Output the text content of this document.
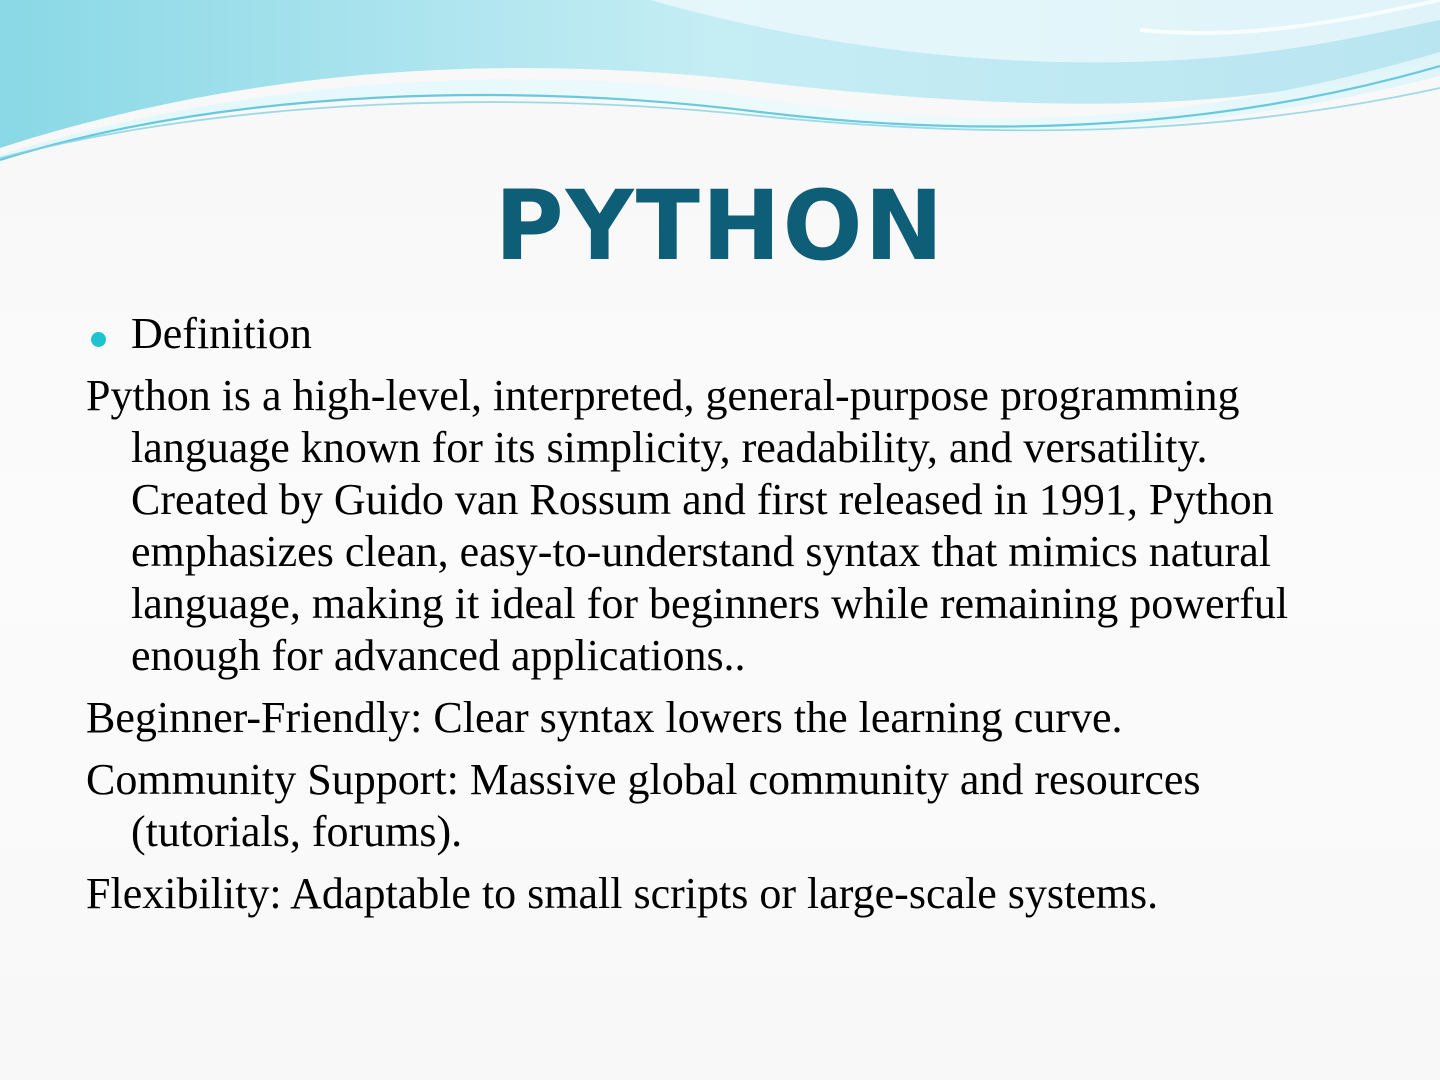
PYTHON
Definition
Python is a high-level, interpreted, general-purpose programming language known for its simplicity, readability, and versatility. Created by Guido van Rossum and first released in 1991, Python emphasizes clean, easy-to-understand syntax that mimics natural language, making it ideal for beginners while remaining powerful enough for advanced applications..
Beginner-Friendly: Clear syntax lowers the learning curve.
Community Support: Massive global community and resources (tutorials, forums).
Flexibility: Adaptable to small scripts or large-scale systems.
